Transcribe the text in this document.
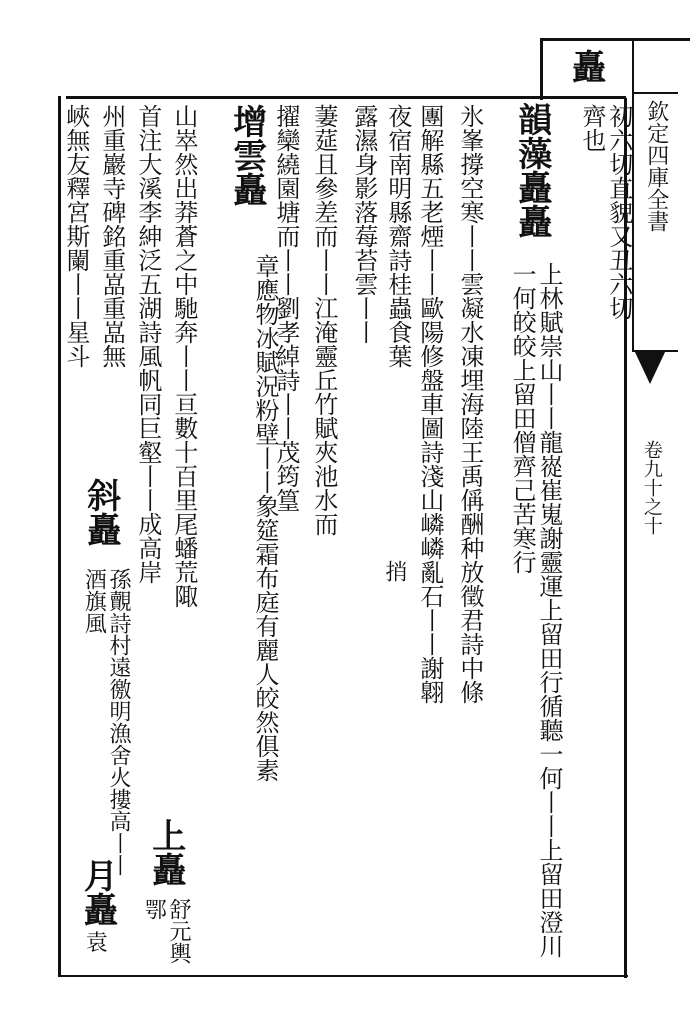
欽定四庫全書
卷九十之十
矗
初六切直貌又丑六切齊也
韻藻矗矗
上林賦崇山丨丨龍嵸崔嵬謝靈運上留田行循聽一何丨丨上留田澄川一何皎皎上留田僧齊己苦寒行
氷峯撐空寒丨丨雲凝水凍埋海陸王禹偁酬种放徵君詩中條
團解縣五老煙丨丨歐陽修盤車圖詩淺山嶙嶙亂石丨丨謝翺
夜宿南明縣齋詩桂蟲食葉
露濕身影落莓苔雲丨丨
捎
萋莚且參差而丨丨江淹靈丘竹賦夾池水而
擢欒繞園塘而丨丨劉孝綽詩丨丨茂筠篁
增雲矗
章應物冰賦況粉壁丨丨象筵霜布庭有麗人皎然俱素
山崒然出莽蒼之中馳奔丨丨亘數十百里尾蟠荒陬
首注大溪李紳泛五湖詩風帆同巨壑丨丨成高岸
上矗
舒元輿鄂
州重巖寺碑銘重嵓重嵓無
峽無友釋宮斯闌丨丨星斗
斜矗
孫覿詩村遠徼明漁舍火摟高丨丨酒旗風
月矗
袁
